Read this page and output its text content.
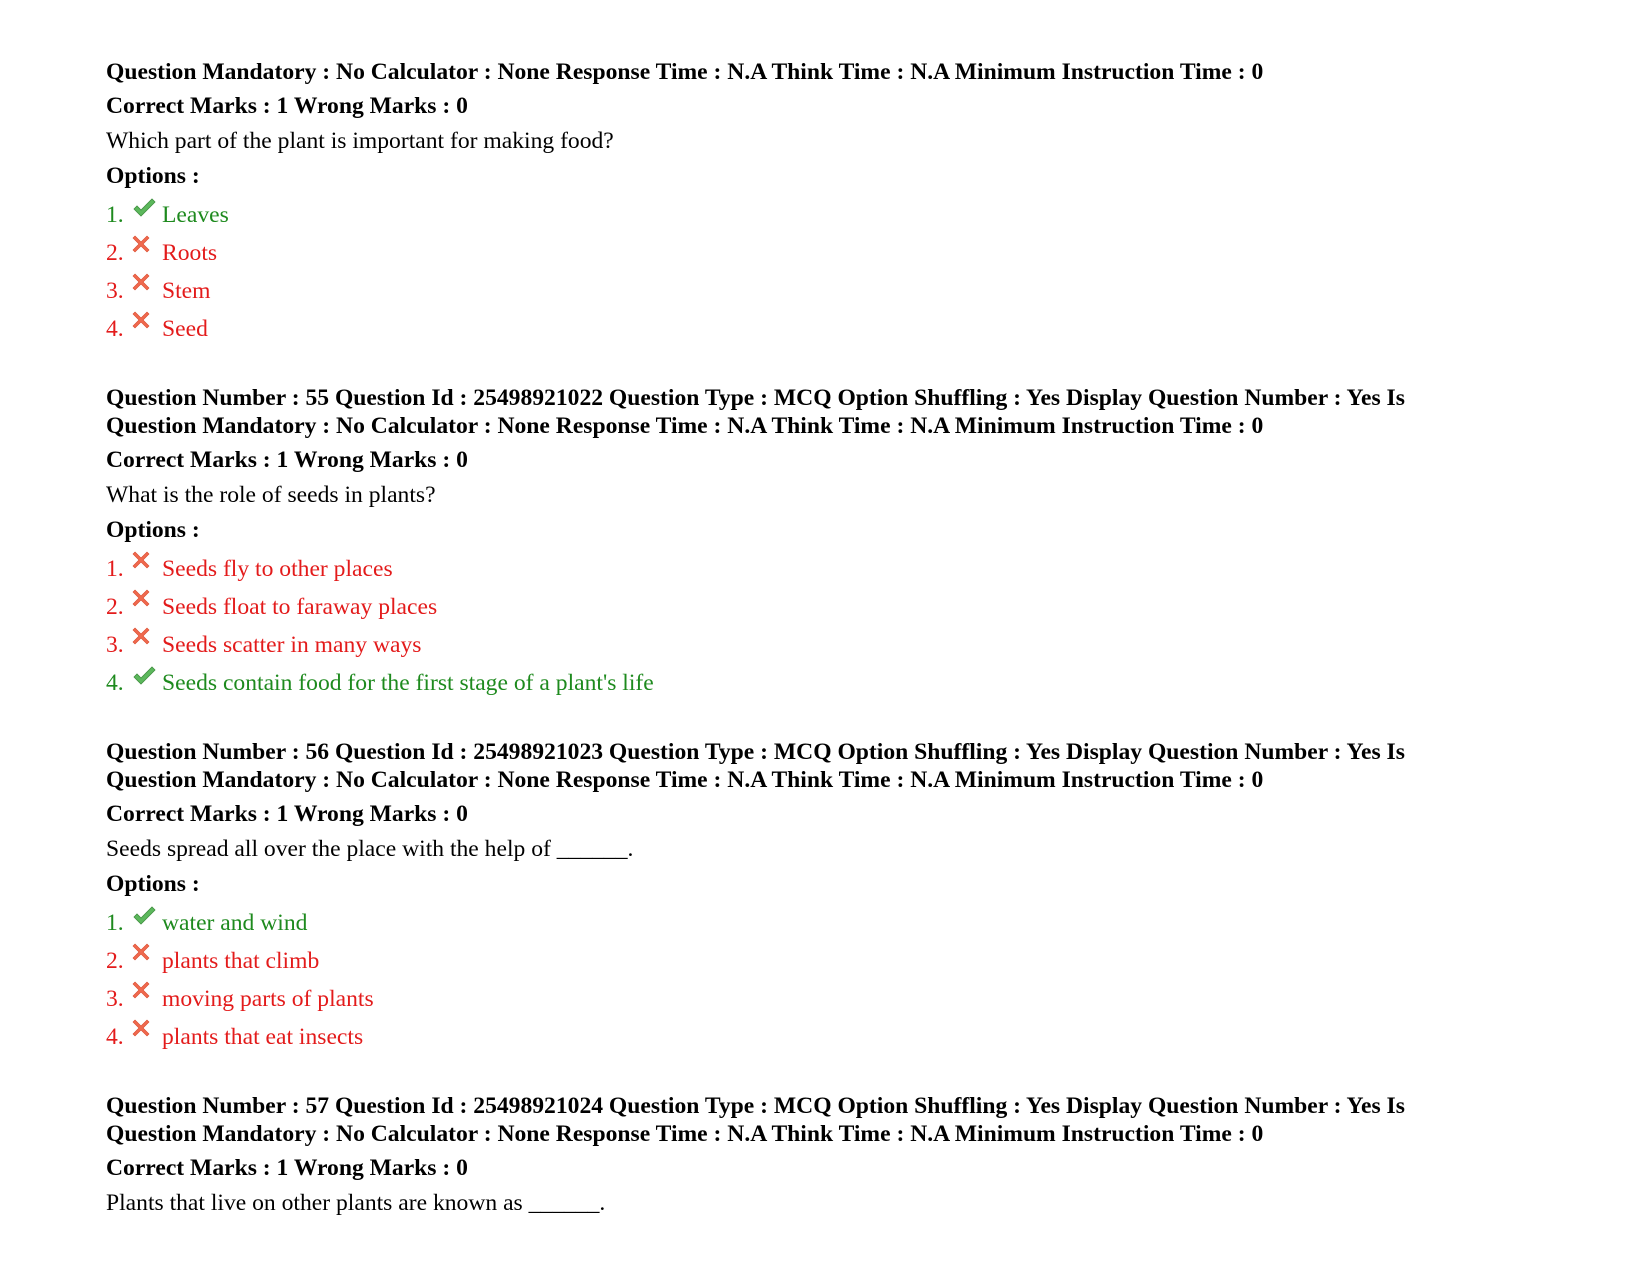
Question Mandatory : No Calculator : None Response Time : N.A Think Time : N.A Minimum Instruction Time : 0
Correct Marks : 1 Wrong Marks : 0
Which part of the plant is important for making food?
Options :
1.	Leaves
2.	Roots
3.	Stem
4.	Seed
Question Number : 55 Question Id : 25498921022 Question Type : MCQ Option Shuffling : Yes Display Question Number : Yes Is
Question Mandatory : No Calculator : None Response Time : N.A Think Time : N.A Minimum Instruction Time : 0
Correct Marks : 1 Wrong Marks : 0
What is the role of seeds in plants?
Options :
1.	Seeds fly to other places
2.	Seeds float to faraway places
3.	Seeds scatter in many ways
4.	Seeds contain food for the first stage of a plant's life
Question Number : 56 Question Id : 25498921023 Question Type : MCQ Option Shuffling : Yes Display Question Number : Yes Is
Question Mandatory : No Calculator : None Response Time : N.A Think Time : N.A Minimum Instruction Time : 0
Correct Marks : 1 Wrong Marks : 0
Seeds spread all over the place with the help of ______.
Options :
1.	water and wind
2.	plants that climb
3.	moving parts of plants
4.	plants that eat insects
Question Number : 57 Question Id : 25498921024 Question Type : MCQ Option Shuffling : Yes Display Question Number : Yes Is
Question Mandatory : No Calculator : None Response Time : N.A Think Time : N.A Minimum Instruction Time : 0
Correct Marks : 1 Wrong Marks : 0
Plants that live on other plants are known as ______.
